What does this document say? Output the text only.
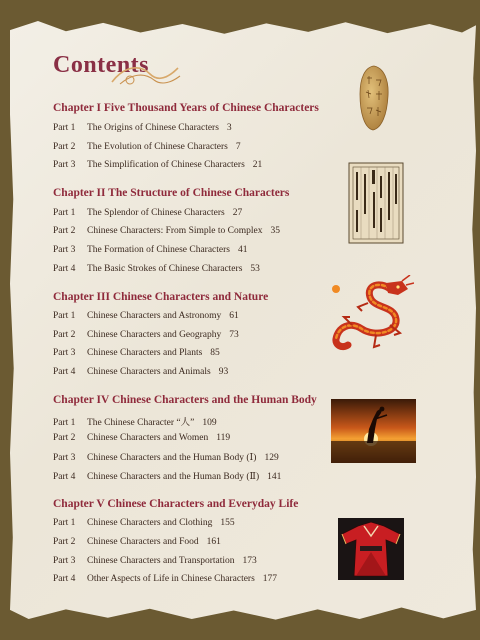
Contents
Chapter I Five Thousand Years of Chinese Characters
Part 1 The Origins of Chinese Characters 3
Part 2 The Evolution of Chinese Characters 7
Part 3 The Simplification of Chinese Characters 21
Chapter II The Structure of Chinese Characters
Part 1 The Splendor of Chinese Characters 27
Part 2 Chinese Characters: From Simple to Complex 35
Part 3 The Formation of Chinese Characters 41
Part 4 The Basic Strokes of Chinese Characters 53
Chapter III Chinese Characters and Nature
Part 1 Chinese Characters and Astronomy 61
Part 2 Chinese Characters and Geography 73
Part 3 Chinese Characters and Plants 85
Part 4 Chinese Characters and Animals 93
Chapter IV Chinese Characters and the Human Body
Part 1 The Chinese Character “人” 109
Part 2 Chinese Characters and Women 119
Part 3 Chinese Characters and the Human Body (Ⅰ) 129
Part 4 Chinese Characters and the Human Body (Ⅱ) 141
Chapter V Chinese Characters and Everyday Life
Part 1 Chinese Characters and Clothing 155
Part 2 Chinese Characters and Food 161
Part 3 Chinese Characters and Transportation 173
Part 4 Other Aspects of Life in Chinese Characters 177
